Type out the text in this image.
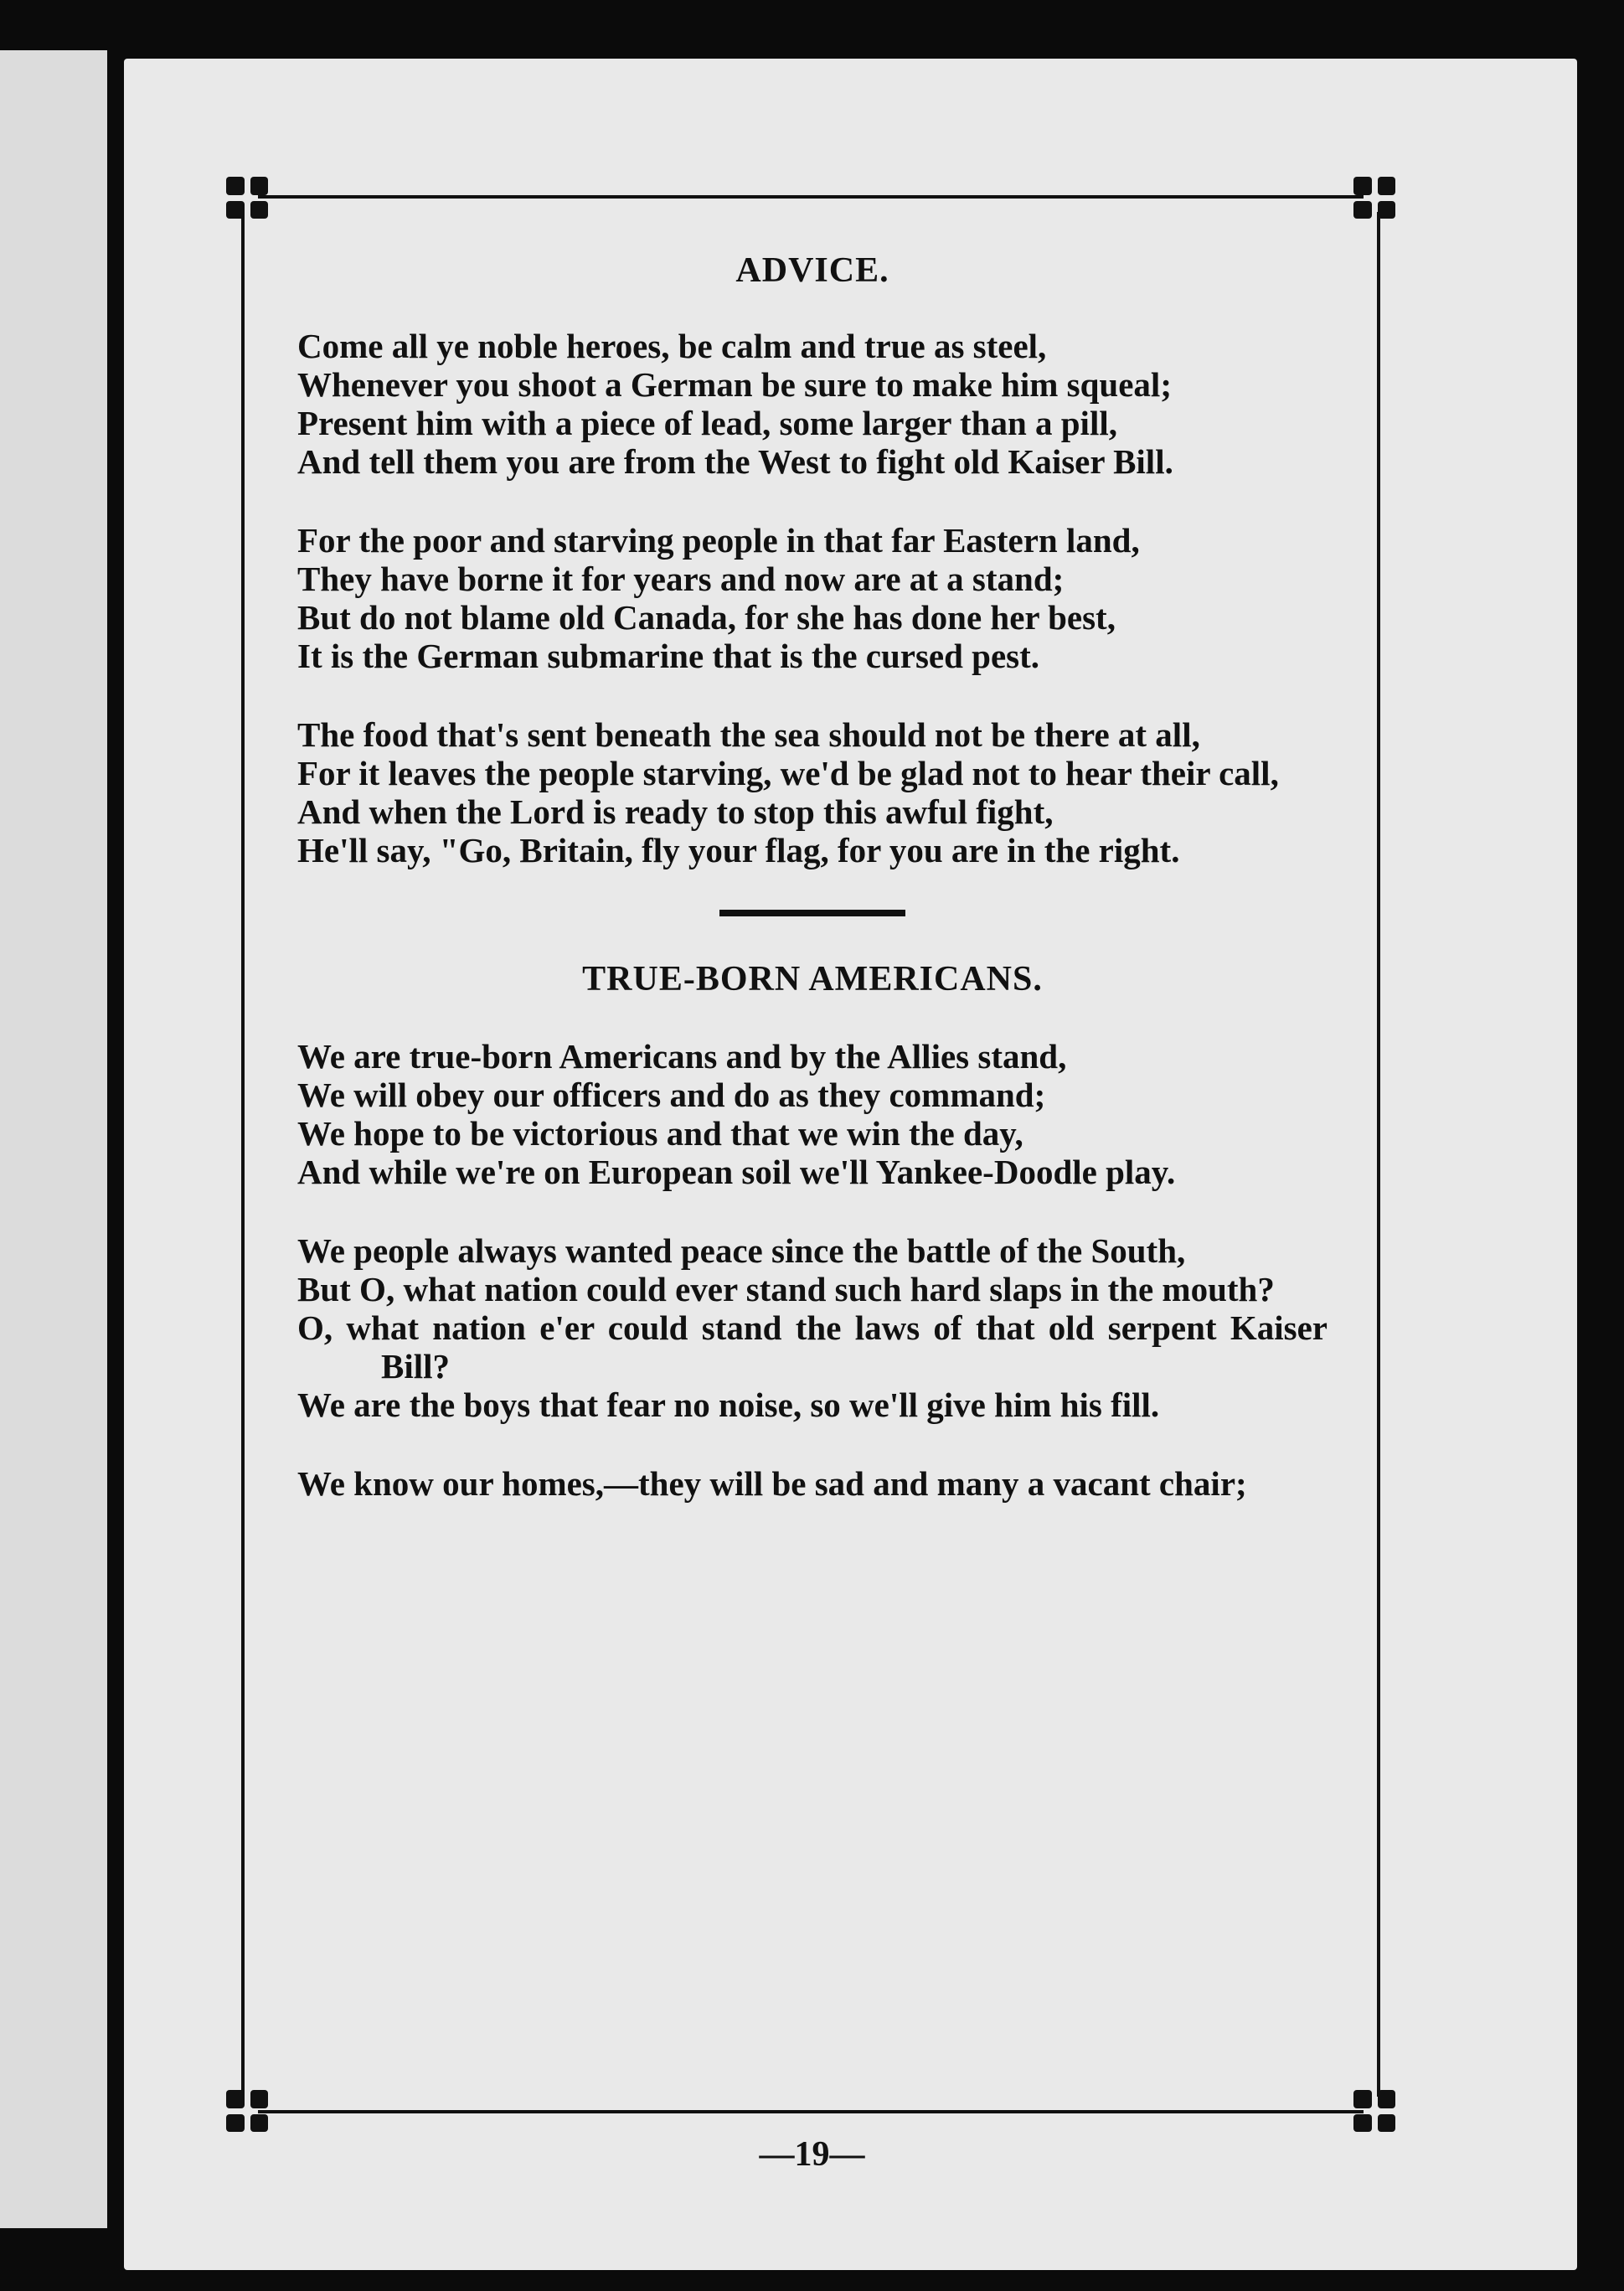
ADVICE.
Come all ye noble heroes, be calm and true as steel,
Whenever you shoot a German be sure to make him squeal;
Present him with a piece of lead, some larger than a pill,
And tell them you are from the West to fight old Kaiser Bill.
For the poor and starving people in that far Eastern land,
They have borne it for years and now are at a stand;
But do not blame old Canada, for she has done her best,
It is the German submarine that is the cursed pest.
The food that's sent beneath the sea should not be there at all,
For it leaves the people starving, we'd be glad not to hear their call,
And when the Lord is ready to stop this awful fight,
He'll say, "Go, Britain, fly your flag, for you are in the right.
TRUE-BORN AMERICANS.
We are true-born Americans and by the Allies stand,
We will obey our officers and do as they command;
We hope to be victorious and that we win the day,
And while we're on European soil we'll Yankee-Doodle play.
We people always wanted peace since the battle of the South,
But O, what nation could ever stand such hard slaps in the mouth?
O, what nation e'er could stand the laws of that old serpent Kaiser Bill?
We are the boys that fear no noise, so we'll give him his fill.
We know our homes,—they will be sad and many a vacant chair;
—19—
